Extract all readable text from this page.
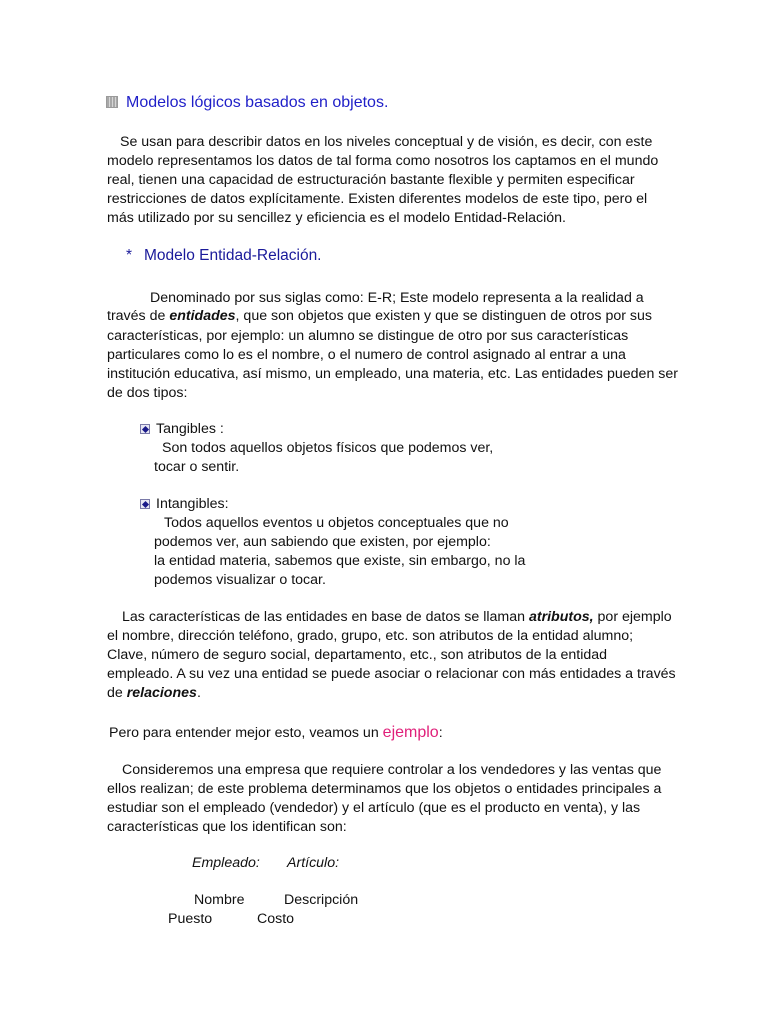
Modelos lógicos basados en objetos.
Se usan para describir datos en los niveles conceptual y de visión, es decir, con este
modelo representamos los datos de tal forma como nosotros los captamos en el mundo
real, tienen una capacidad de estructuración bastante flexible y permiten especificar
restricciones de datos explícitamente. Existen diferentes modelos de este tipo, pero el
más utilizado por su sencillez y eficiencia es el modelo Entidad-Relación.
* Modelo Entidad-Relación.
Denominado por sus siglas como: E-R; Este modelo representa a la realidad a
través de entidades, que son objetos que existen y que se distinguen de otros por sus
características, por ejemplo: un alumno se distingue de otro por sus características
particulares como lo es el nombre, o el numero de control asignado al entrar a una
institución educativa, así mismo, un empleado, una materia, etc. Las entidades pueden ser
de dos tipos:
Tangibles :
Son todos aquellos objetos físicos que podemos ver,
tocar o sentir.
Intangibles:
Todos aquellos eventos u objetos conceptuales que no
podemos ver, aun sabiendo que existen, por ejemplo:
la entidad materia, sabemos que existe, sin embargo, no la
podemos visualizar o tocar.
Las características de las entidades en base de datos se llaman atributos, por ejemplo
el nombre, dirección teléfono, grado, grupo, etc. son atributos de la entidad alumno;
Clave, número de seguro social, departamento, etc., son atributos de la entidad
empleado. A su vez una entidad se puede asociar o relacionar con más entidades a través
de relaciones.
Pero para entender mejor esto, veamos un ejemplo:
Consideremos una empresa que requiere controlar a los vendedores y las ventas que
ellos realizan; de este problema determinamos que los objetos o entidades principales a
estudiar son el empleado (vendedor) y el artículo (que es el producto en venta), y las
características que los identifican son:
Empleado: Artículo:
Nombre	Descripción
Puesto	Costo
